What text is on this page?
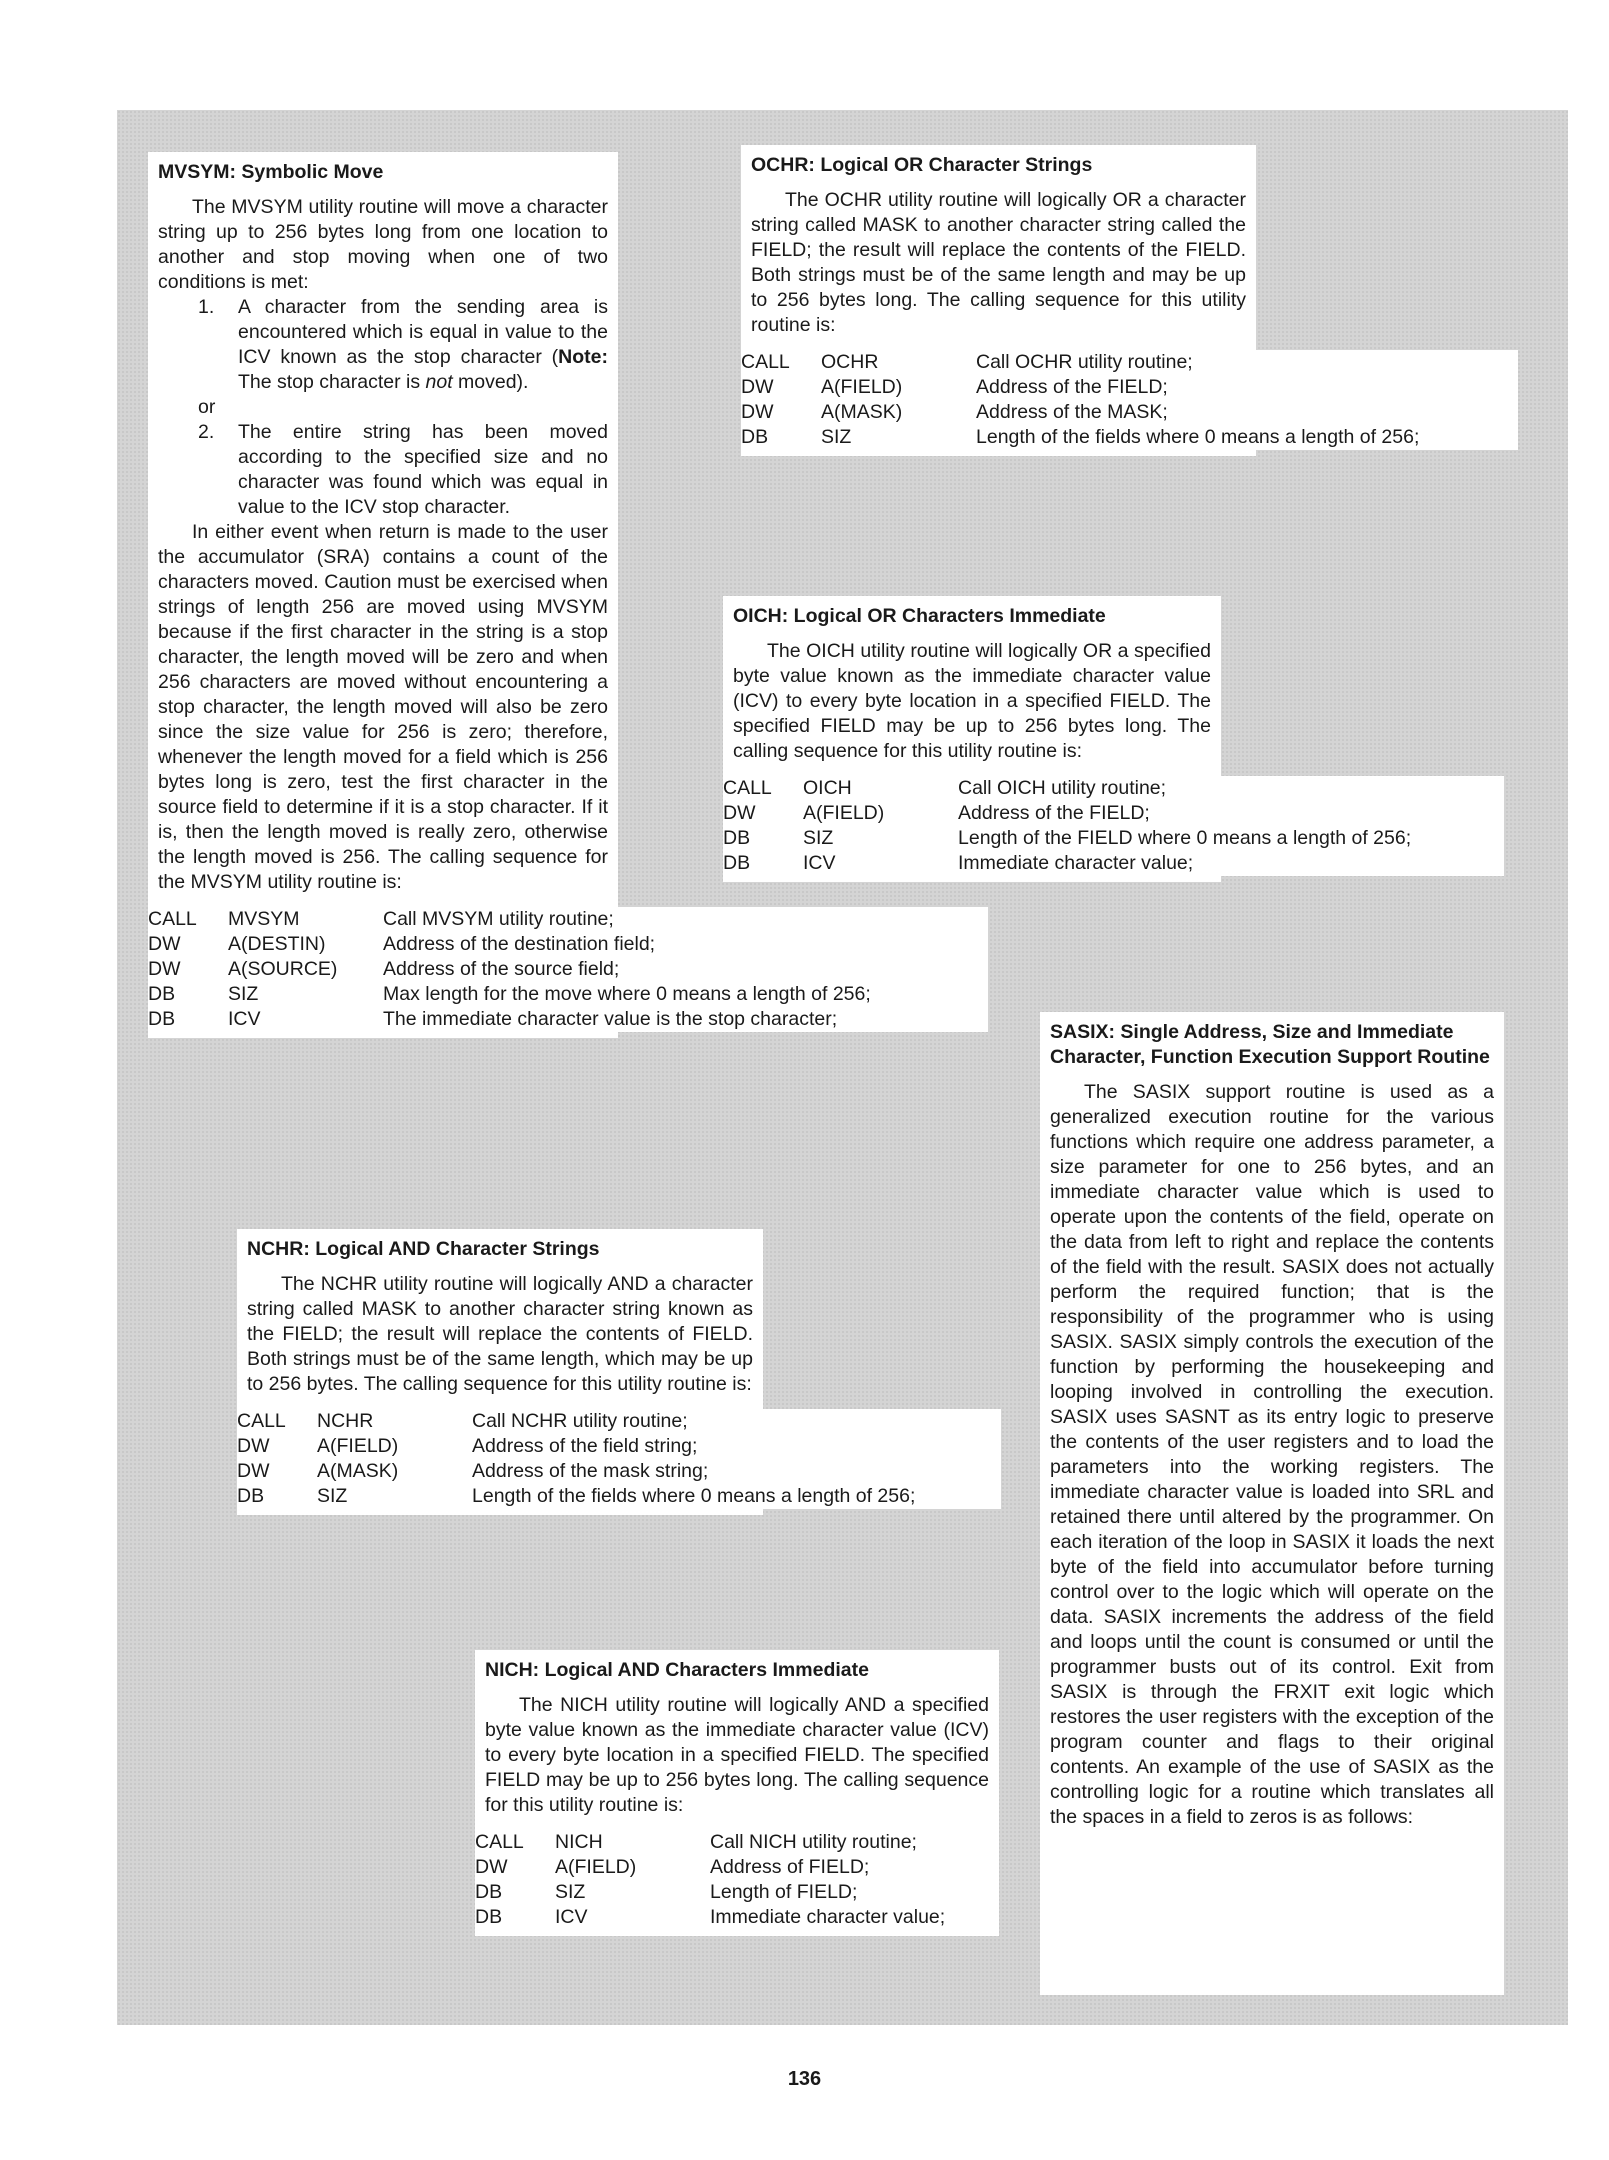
MVSYM: Symbolic Move

The MVSYM utility routine will move a character string up to 256 bytes long from one location to another and stop moving when one of two conditions is met:

1.	A character from the sending area is encountered which is equal in value to the ICV known as the stop character (Note: The stop character is not moved).
or
2.	The entire string has been moved according to the specified size and no character was found which was equal in value to the ICV stop character.

In either event when return is made to the user the accumulator (SRA) contains a count of the characters moved. Caution must be exercised when strings of length 256 are moved using MVSYM because if the first character in the string is a stop character, the length moved will be zero and when 256 characters are moved without encountering a stop character, the length moved will also be zero since the size value for 256 is zero; therefore, whenever the length moved for a field which is 256 bytes long is zero, test the first character in the source field to determine if it is a stop character. If it is, then the length moved is really zero, otherwise the length moved is 256. The calling sequence for the MVSYM utility routine is:

CALL	MVSYM	Call MVSYM utility routine;
DW	A(DESTIN)	Address of the destination field;
DW	A(SOURCE)	Address of the source field;
DB	SIZ	Max length for the move where 0 means a length of 256;
DB	ICV	The immediate character value is the stop character;
OCHR: Logical OR Character Strings

The OCHR utility routine will logically OR a character string called MASK to another character string called the FIELD; the result will replace the contents of the FIELD. Both strings must be of the same length and may be up to 256 bytes long. The calling sequence for this utility routine is:

CALL	OCHR	Call OCHR utility routine;
DW	A(FIELD)	Address of the FIELD;
DW	A(MASK)	Address of the MASK;
DB	SIZ	Length of the fields where 0 means a length of 256;
OICH: Logical OR Characters Immediate

The OICH utility routine will logically OR a specified byte value known as the immediate character value (ICV) to every byte location in a specified FIELD. The specified FIELD may be up to 256 bytes long. The calling sequence for this utility routine is:

CALL	OICH	Call OICH utility routine;
DW	A(FIELD)	Address of the FIELD;
DB	SIZ	Length of the FIELD where 0 means a length of 256;
DB	ICV	Immediate character value;
SASIX: Single Address, Size and Immediate Character, Function Execution Support Routine

The SASIX support routine is used as a generalized execution routine for the various functions which require one address parameter, a size parameter for one to 256 bytes, and an immediate character value which is used to operate upon the contents of the field, operate on the data from left to right and replace the contents of the field with the result. SASIX does not actually perform the required function; that is the responsibility of the programmer who is using SASIX. SASIX simply controls the execution of the function by performing the housekeeping and looping involved in controlling the execution. SASIX uses SASNT as its entry logic to preserve the contents of the user registers and to load the parameters into the working registers. The immediate character value is loaded into SRL and retained there until altered by the programmer. On each iteration of the loop in SASIX it loads the next byte of the field into accumulator before turning control over to the logic which will operate on the data. SASIX increments the address of the field and loops until the count is consumed or until the programmer busts out of its control. Exit from SASIX is through the FRXIT exit logic which restores the user registers with the exception of the program counter and flags to their original contents. An example of the use of SASIX as the controlling logic for a routine which translates all the spaces in a field to zeros is as follows:

NCHR: Logical AND Character Strings

The NCHR utility routine will logically AND a character string called MASK to another character string known as the FIELD; the result will replace the contents of FIELD. Both strings must be of the same length, which may be up to 256 bytes. The calling sequence for this utility routine is:

CALL	NCHR	Call NCHR utility routine;
DW	A(FIELD)	Address of the field string;
DW	A(MASK)	Address of the mask string;
DB	SIZ	Length of the fields where 0 means a length of 256;
NICH: Logical AND Characters Immediate

The NICH utility routine will logically AND a specified byte value known as the immediate character value (ICV) to every byte location in a specified FIELD. The specified FIELD may be up to 256 bytes long. The calling sequence for this utility routine is:

CALL	NICH	Call NICH utility routine;
DW	A(FIELD)	Address of FIELD;
DB	SIZ	Length of FIELD;
DB	ICV	Immediate character value;
136
